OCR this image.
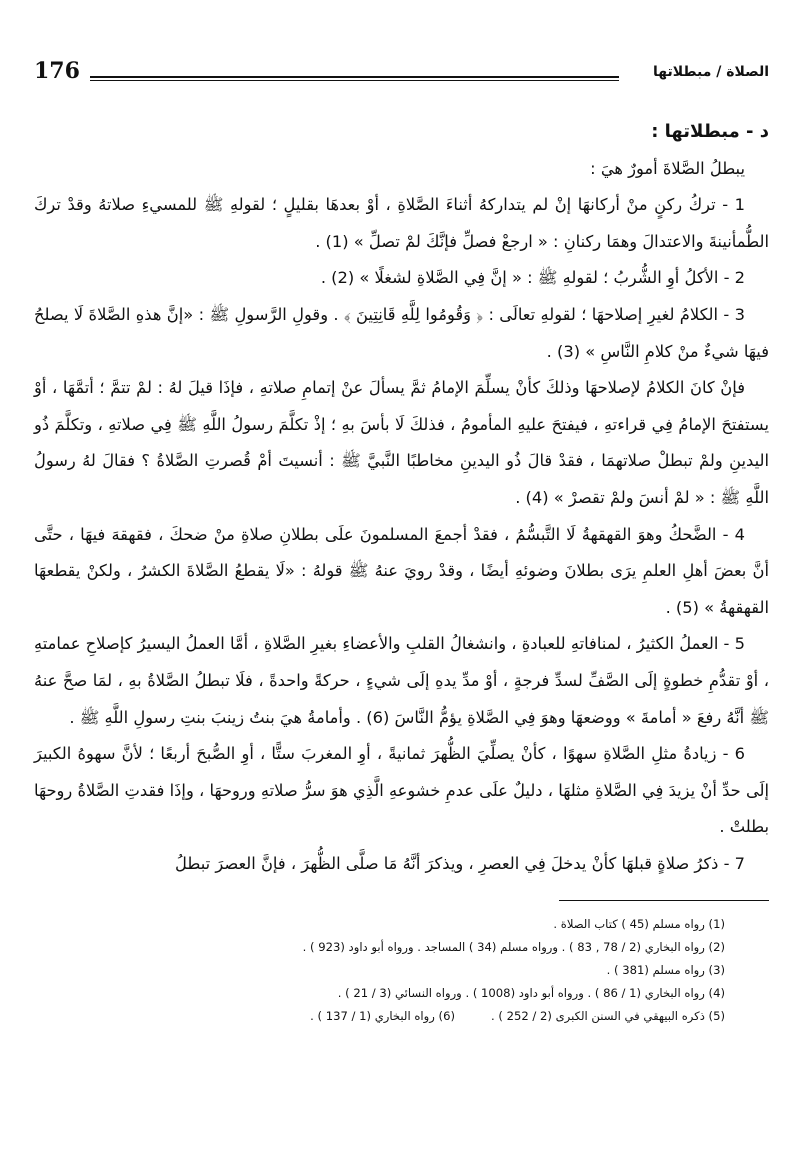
176	الصلاة / مبطلاتها

د - مبطلاتها :

يبطلُ الصَّلاةَ أمورٌ هيَ :

1 - تركُ ركنٍ منْ أركانهَا إنْ لم يتداركهُ أثناءَ الصَّلاةِ ، أوْ بعدهَا بقليلٍ ؛ لقولهِ ﷺ للمسيءِ صلاتهُ وقدْ تركَ الطُّمأنينةَ والاعتدالَ وهمَا ركنانِ : « ارجعْ فصلِّ فإنَّكَ لمْ تصلِّ » (1) .

2 - الأكلُ أوِ الشُّربُ ؛ لقولهِ ﷺ : « إنَّ فِي الصَّلاةِ لشغلًا » (2) .

3 - الكلامُ لغيرِ إصلاحهَا ؛ لقولهِ تعالَى : ﴿ وَقُومُوا لِلَّهِ قَانِتِينَ ﴾ . وقولِ الرَّسولِ ﷺ : «إنَّ هذهِ الصَّلاةَ لَا يصلحُ فيهَا شيءٌ منْ كلامِ النَّاسِ » (3) .

فإنْ كانَ الكلامُ لإصلاحهَا وذلكَ كأنْ يسلِّمَ الإمامُ ثمَّ يسألَ عنْ إتمامِ صلاتهِ ، فإذَا قيلَ لهُ : لمْ تتمَّ ؛ أتمَّهَا ، أوْ يستفتحَ الإمامُ فِي قراءتهِ ، فيفتحَ عليهِ المأمومُ ، فذلكَ لَا بأسَ بهِ ؛ إذْ تكلَّمَ رسولُ اللَّهِ ﷺ فِي صلاتهِ ، وتكلَّمَ ذُو اليدينِ ولمْ تبطلْ صلاتهمَا ، فقدْ قالَ ذُو اليدينِ مخاطبًا النَّبيَّ ﷺ : أنسيتَ أمْ قُصرتِ الصَّلاةُ ؟ فقالَ لهُ رسولُ اللَّهِ ﷺ : « لمْ أنسَ ولمْ تقصرْ » (4) .

4 - الضَّحكُ وهوَ القهقهةُ لَا التَّبسُّمُ ، فقدْ أجمعَ المسلمونَ علَى بطلانِ صلاةِ منْ ضحكَ ، فقهقهَ فيهَا ، حتَّى أنَّ بعضَ أهلِ العلمِ يرَى بطلانَ وضوئهِ أيضًا ، وقدْ رويَ عنهُ ﷺ قولهُ : «لَا يقطعُ الصَّلاةَ الكشرُ ، ولكنْ يقطعهَا القهقهةُ » (5) .

5 - العملُ الكثيرُ ، لمنافاتهِ للعبادةِ ، وانشغالُ القلبِ والأعضاءِ بغيرِ الصَّلاةِ ، أمَّا العملُ اليسيرُ كإصلاحِ عمامتهِ ، أوْ تقدُّمِ خطوةٍ إلَى الصَّفِّ لسدِّ فرجةٍ ، أوْ مدِّ يدهِ إلَى شيءٍ ، حركةً واحدةً ، فلَا تبطلُ الصَّلاةُ بهِ ، لمَا صحَّ عنهُ ﷺ أنَّهُ رفعَ « أمامةَ » ووضعهَا وهوَ فِي الصَّلاةِ يؤمُّ النَّاسَ (6) . وأمامةُ هيَ بنتُ زينبَ بنتِ رسولِ اللَّهِ ﷺ .

6 - زيادةُ مثلِ الصَّلاةِ سهوًا ، كأنْ يصلِّيَ الظُّهرَ ثمانيةً ، أوِ المغربَ ستًّا ، أوِ الصُّبحَ أربعًا ؛ لأنَّ سهوهُ الكبيرَ إلَى حدِّ أنْ يزيدَ فِي الصَّلاةِ مثلهَا ، دليلٌ علَى عدمِ خشوعهِ الَّذِي هوَ سرُّ صلاتهِ وروحهَا ، وإذَا فقدتِ الصَّلاةُ روحهَا بطلتْ .

7 - ذكرُ صلاةٍ قبلهَا كأنْ يدخلَ فِي العصرِ ، ويذكرَ أنَّهُ مَا صلَّى الظُّهرَ ، فإنَّ العصرَ تبطلُ

(1) رواه مسلم (45 ) كتاب الصلاة .
(2) رواه البخاري (2 / 78 , 83 ) . ورواه مسلم (34 ) المساجد . ورواه أبو داود (923 ) .
(3) رواه مسلم (381 ) .
(4) رواه البخاري (1 / 86 ) . ورواه أبو داود (1008 ) . ورواه النسائي (3 / 21 ) .
(5) ذكره البيهقي في السنن الكبرى (2 / 252 ) .
(6) رواه البخاري (1 / 137 ) .
